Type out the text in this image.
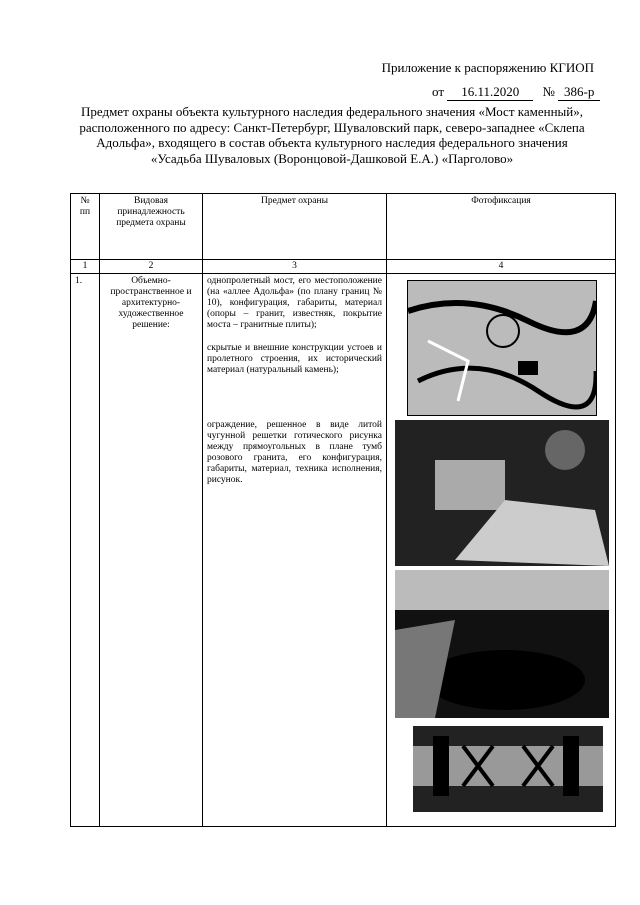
Приложение к распоряжению КГИОП
от 16.11.2020 № 386-р
Предмет охраны объекта культурного наследия федерального значения «Мост каменный»,
расположенного по адресу: Санкт-Петербург, Шуваловский парк, северо-западнее «Склепа
Адольфа», входящего в состав объекта культурного наследия федерального значения
«Усадьба Шуваловых (Воронцовой-Дашковой Е.А.) «Парголово»
№ пп	Видовая принадлежность предмета охраны	Предмет охраны	Фотофиксация
1	2	3	4
1.	Объемно-пространственное и архитектурно-художественное решение:	однопролетный мост, его местоположение (на «аллее Адольфа» (по плану границ № 10), конфигурация, габариты, материал (опоры – гранит, известняк, покрытие моста – гранитные плиты);
скрытые и внешние конструкции устоев и пролетного строения, их исторический материал (натуральный камень);
ограждение, решенное в виде литой чугунной решетки готического рисунка между прямоугольных в плане тумб розового гранита, его конфигурация, габариты, материал, техника исполнения, рисунок.
